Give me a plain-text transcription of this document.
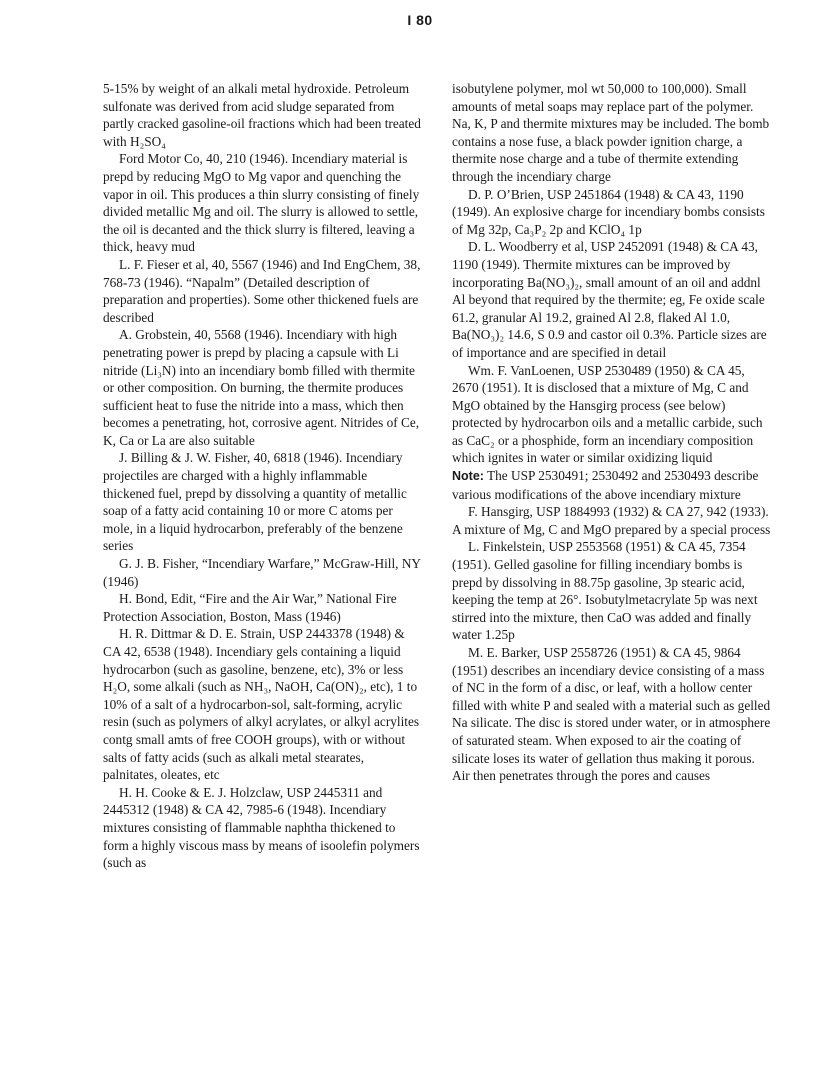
I 80

5-15% by weight of an alkali metal hydroxide. Petroleum sulfonate was derived from acid sludge separated from partly cracked gasoline-oil fractions which had been treated with H₂SO₄

Ford Motor Co, 40, 210 (1946). Incendiary material is prepd by reducing MgO to Mg vapor and quenching the vapor in oil. This produces a thin slurry consisting of finely divided metallic Mg and oil. The slurry is allowed to settle, the oil is decanted and the thick slurry is filtered, leaving a thick, heavy mud

L. F. Fieser et al, 40, 5567 (1946) and Ind EngChem, 38, 768-73 (1946). “Napalm” (Detailed description of preparation and properties). Some other thickened fuels are described

A. Grobstein, 40, 5568 (1946). Incendiary with high penetrating power is prepd by placing a capsule with Li nitride (Li₃N) into an incendiary bomb filled with thermite or other composition. On burning, the thermite produces sufficient heat to fuse the nitride into a mass, which then becomes a penetrating, hot, corrosive agent. Nitrides of Ce, K, Ca or La are also suitable

J. Billing & J. W. Fisher, 40, 6818 (1946). Incendiary projectiles are charged with a highly inflammable thickened fuel, prepd by dissolving a quantity of metallic soap of a fatty acid containing 10 or more C atoms per mole, in a liquid hydrocarbon, preferably of the benzene series

G. J. B. Fisher, “Incendiary Warfare,” McGraw-Hill, NY (1946)

H. Bond, Edit, “Fire and the Air War,” National Fire Protection Association, Boston, Mass (1946)

H. R. Dittmar & D. E. Strain, USP 2443378 (1948) & CA 42, 6538 (1948). Incendiary gels containing a liquid hydrocarbon (such as gasoline, benzene, etc), 3% or less H₂O, some alkali (such as NH₃, NaOH, Ca(ON)₂, etc), 1 to 10% of a salt of a hydrocarbon-sol, salt-forming, acrylic resin (such as polymers of alkyl acrylates, or alkyl acrylites contg small amts of free COOH groups), with or without salts of fatty acids (such as alkali metal stearates, palnitates, oleates, etc

H. H. Cooke & E. J. Holzclaw, USP 2445311 and 2445312 (1948) & CA 42, 7985-6 (1948). Incendiary mixtures consisting of flammable naphtha thickened to form a highly viscous mass by means of isoolefin polymers (such as

isobutylene polymer, mol wt 50,000 to 100,000). Small amounts of metal soaps may replace part of the polymer. Na, K, P and thermite mixtures may be included. The bomb contains a nose fuse, a black powder ignition charge, a thermite nose charge and a tube of thermite extending through the incendiary charge

D. P. O’Brien, USP 2451864 (1948) & CA 43, 1190 (1949). An explosive charge for incendiary bombs consists of Mg 32p, Ca₃P₂ 2p and KClO₄ 1p

D. L. Woodberry et al, USP 2452091 (1948) & CA 43, 1190 (1949). Thermite mixtures can be improved by incorporating Ba(NO₃)₂, small amount of an oil and addnl Al beyond that required by the thermite; eg, Fe oxide scale 61.2, granular Al 19.2, grained Al 2.8, flaked Al 1.0, Ba(NO₃)₂ 14.6, S 0.9 and castor oil 0.3%. Particle sizes are of importance and are specified in detail

Wm. F. VanLoenen, USP 2530489 (1950) & CA 45, 2670 (1951). It is disclosed that a mixture of Mg, C and MgO obtained by the Hansgirg process (see below) protected by hydrocarbon oils and a metallic carbide, such as CaC₂ or a phosphide, form an incendiary composition which ignites in water or similar oxidizing liquid

Note: The USP 2530491; 2530492 and 2530493 describe various modifications of the above incendiary mixture

F. Hansgirg, USP 1884993 (1932) & CA 27, 942 (1933). A mixture of Mg, C and MgO prepared by a special process

L. Finkelstein, USP 2553568 (1951) & CA 45, 7354 (1951). Gelled gasoline for filling incendiary bombs is prepd by dissolving in 88.75p gasoline, 3p stearic acid, keeping the temp at 26°. Isobutylmetacrylate 5p was next stirred into the mixture, then CaO was added and finally water 1.25p

M. E. Barker, USP 2558726 (1951) & CA 45, 9864 (1951) describes an incendiary device consisting of a mass of NC in the form of a disc, or leaf, with a hollow center filled with white P and sealed with a material such as gelled Na silicate. The disc is stored under water, or in atmosphere of saturated steam. When exposed to air the coating of silicate loses its water of gellation thus making it porous. Air then penetrates through the pores and causes
